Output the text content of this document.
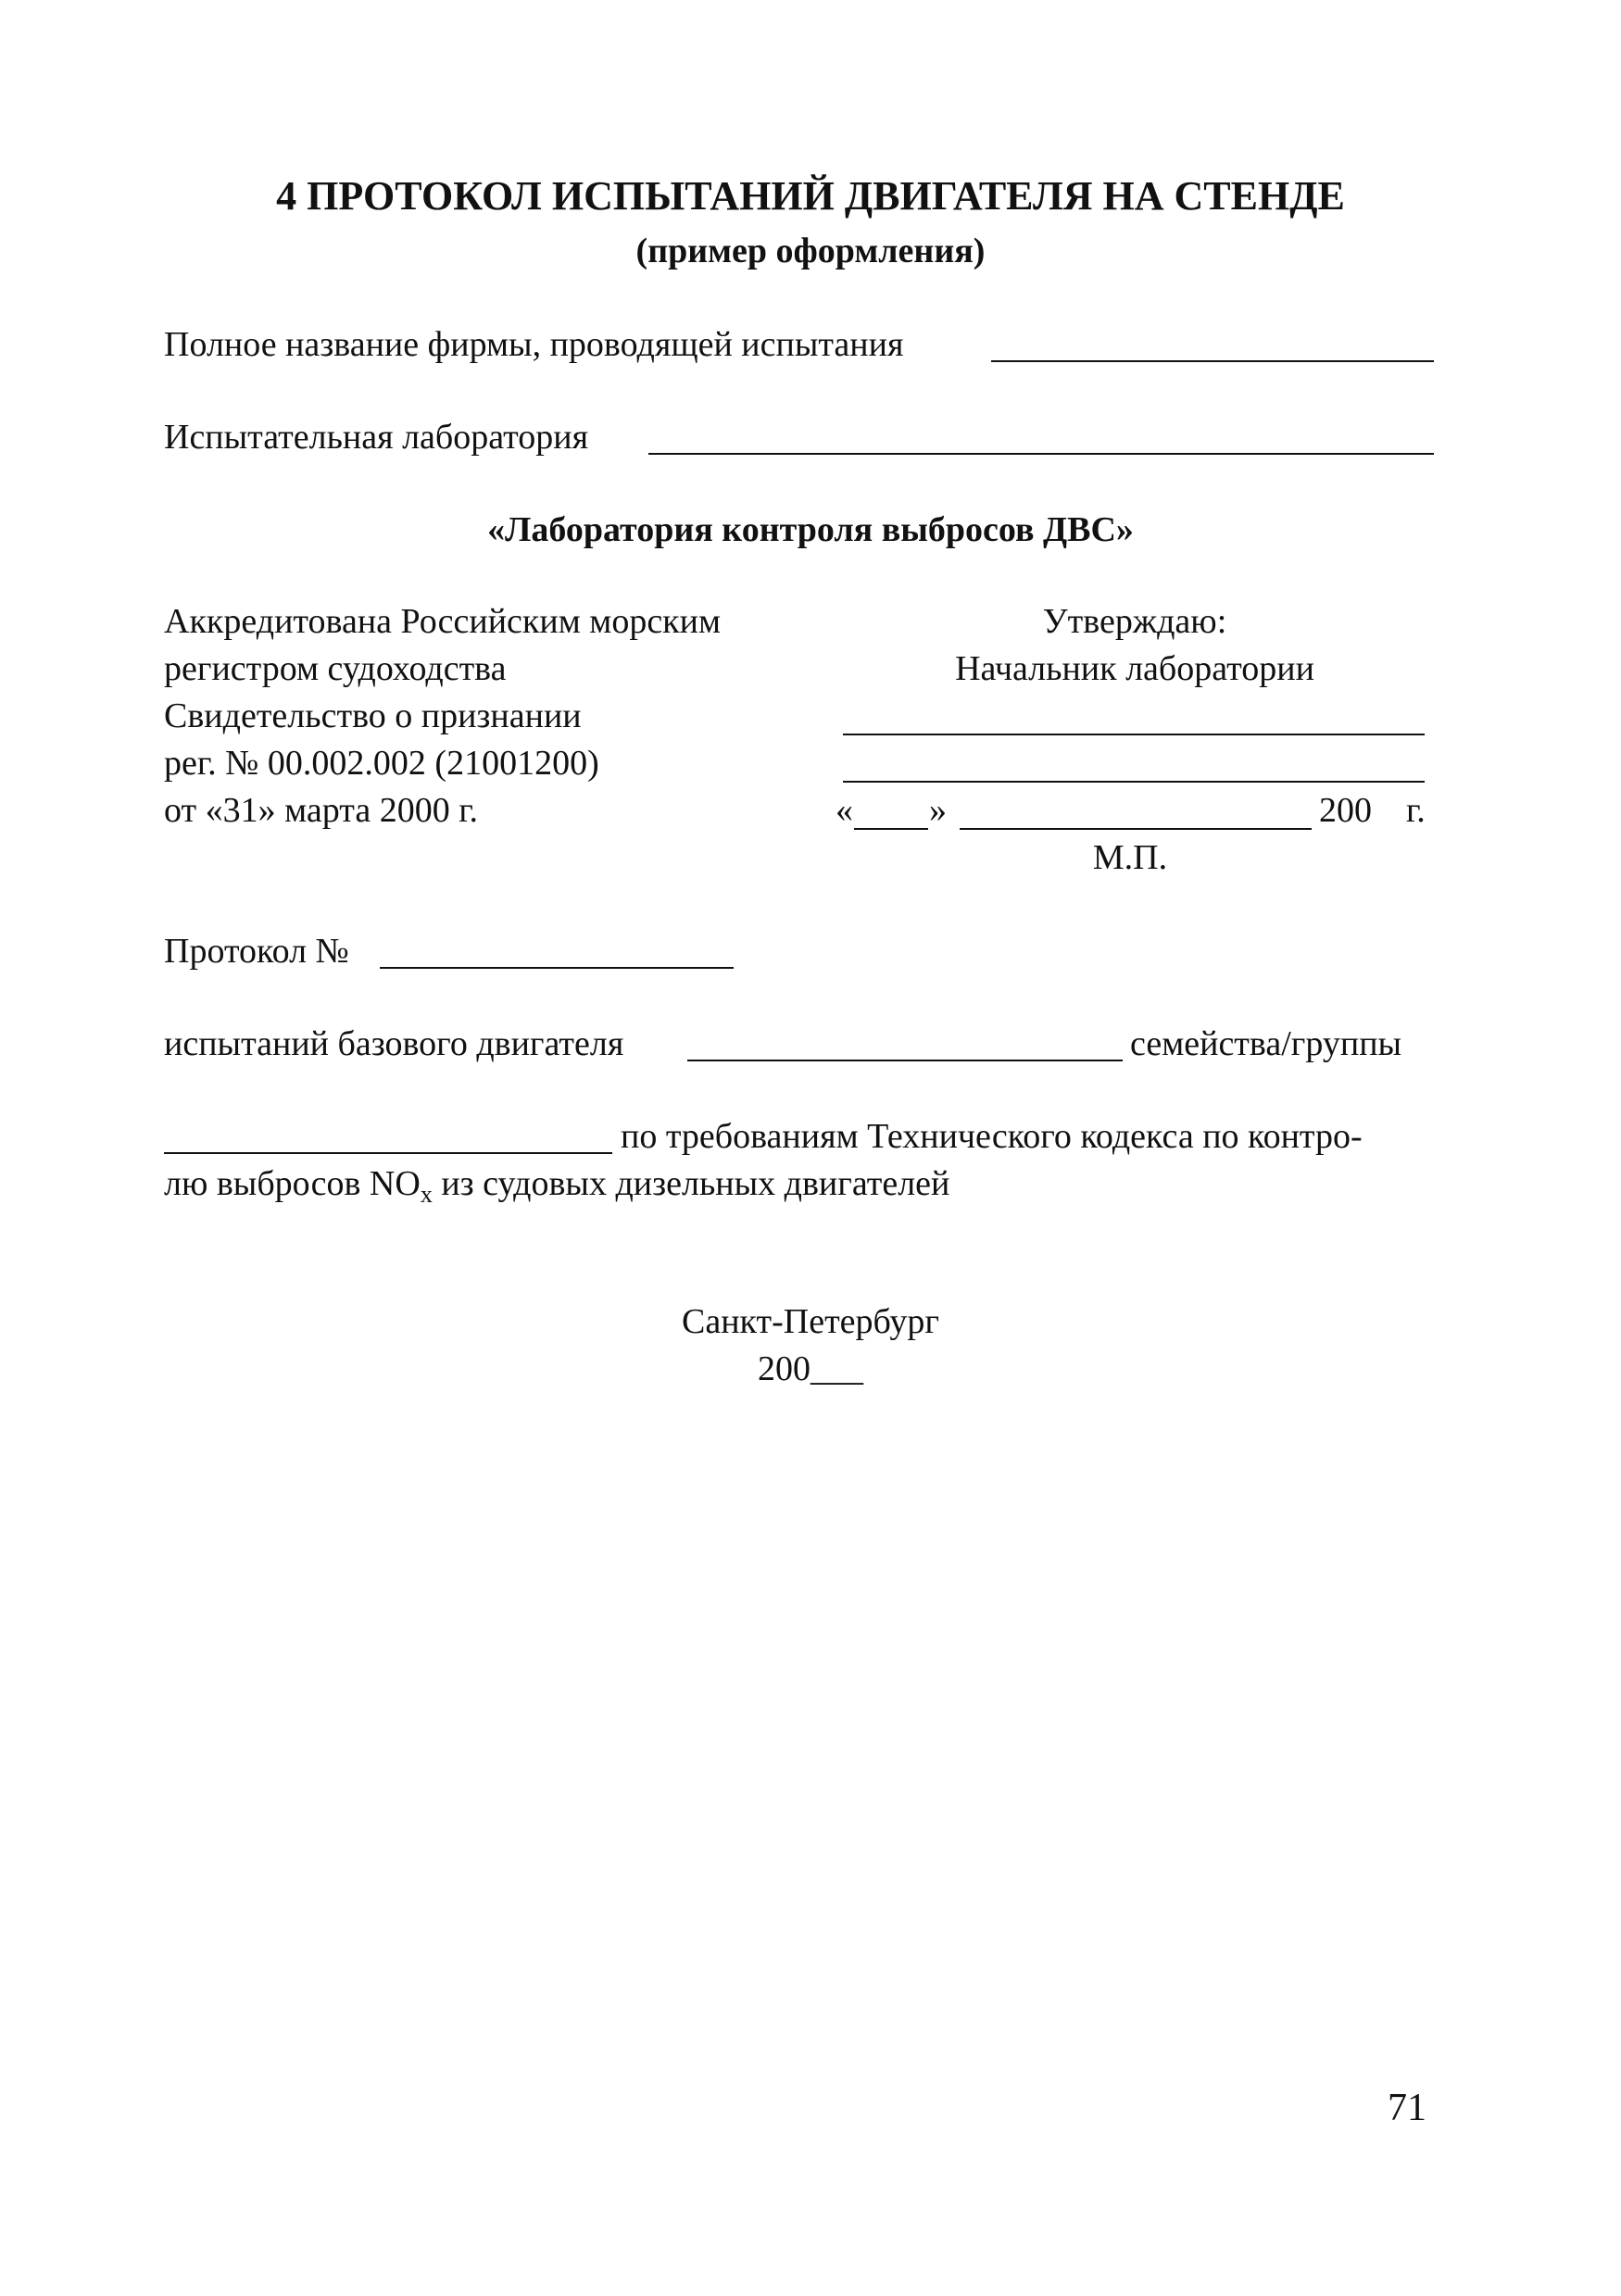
4 ПРОТОКОЛ ИСПЫТАНИЙ ДВИГАТЕЛЯ НА СТЕНДЕ
(пример оформления)
Полное название фирмы, проводящей испытания
Испытательная лаборатория
«Лаборатория контроля выбросов ДВС»
Аккредитована Российским морским
регистром судоходства
Свидетельство о признании
рег. № 00.002.002 (21001200)
от «31» марта 2000 г.
Утверждаю:
Начальник лаборатории
« »	200 г.
М.П.
Протокол №
испытаний базового двигателя	семейства/группы
по требованиям Технического кодекса по контро-
лю выбросов $NO_x$ из судовых дизельных двигателей
Санкт-Петербург
200___
71
